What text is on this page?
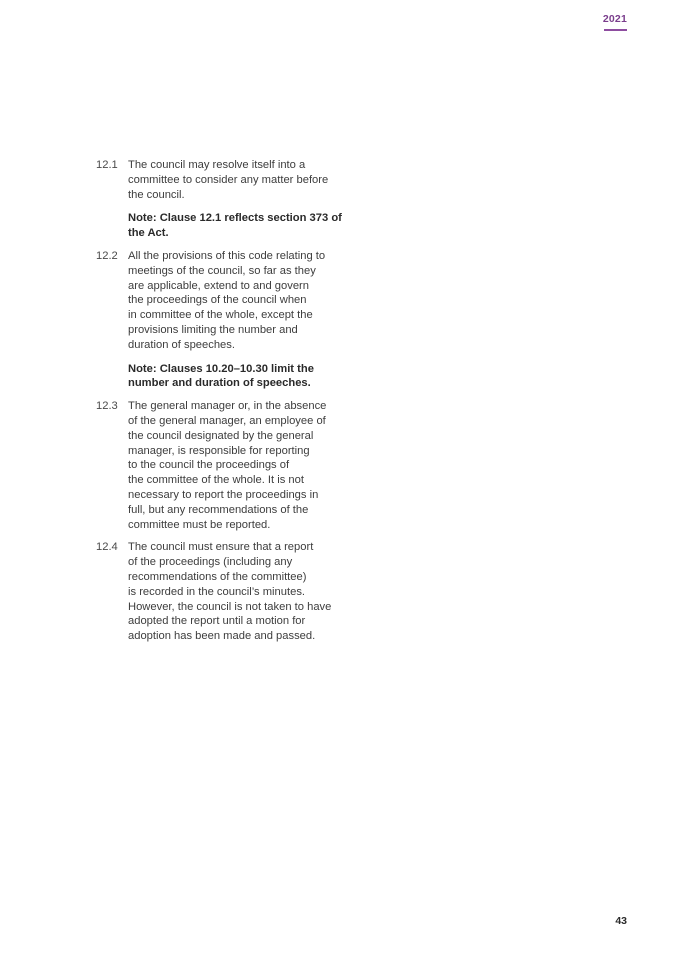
2021
12.1 The council may resolve itself into a
committee to consider any matter before
the council.

Note: Clause 12.1 reflects section 373 of
the Act.

12.2 All the provisions of this code relating to
meetings of the council, so far as they
are applicable, extend to and govern
the proceedings of the council when
in committee of the whole, except the
provisions limiting the number and
duration of speeches.

Note: Clauses 10.20–10.30 limit the
number and duration of speeches.

12.3 The general manager or, in the absence
of the general manager, an employee of
the council designated by the general
manager, is responsible for reporting
to the council the proceedings of
the committee of the whole. It is not
necessary to report the proceedings in
full, but any recommendations of the
committee must be reported.

12.4 The council must ensure that a report
of the proceedings (including any
recommendations of the committee)
is recorded in the council’s minutes.
However, the council is not taken to have
adopted the report until a motion for
adoption has been made and passed.

43
